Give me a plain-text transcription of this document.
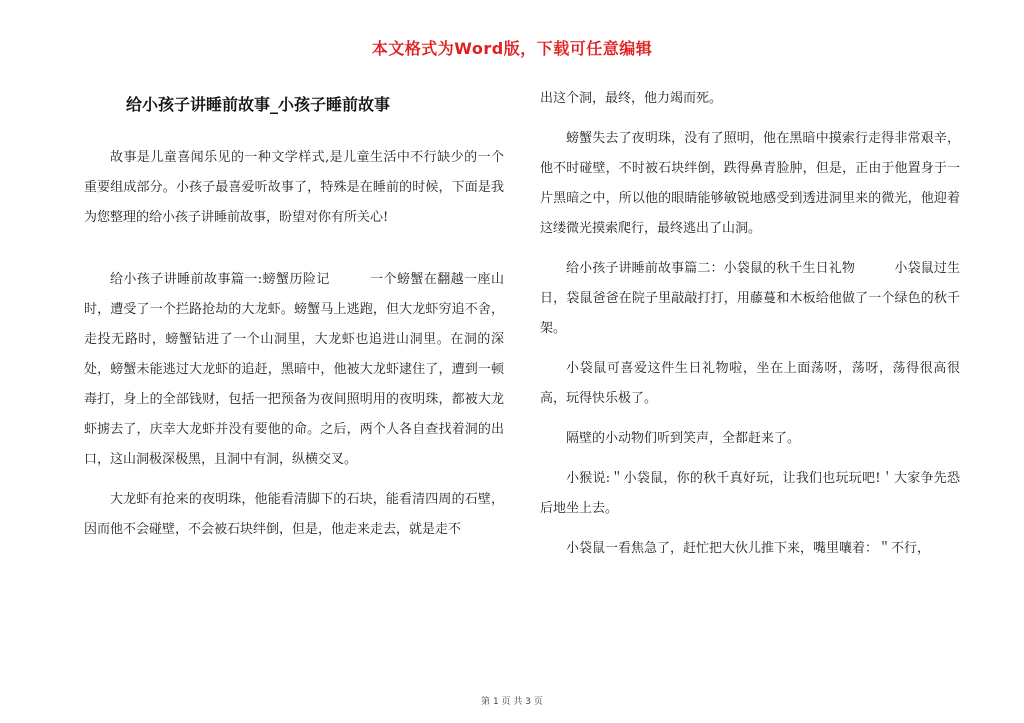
本文格式为Word版，下载可任意编辑
给小孩子讲睡前故事_小孩子睡前故事

故事是儿童喜闻乐见的一种文学样式,是儿童生活中不行缺少的一个重要组成部分。小孩子最喜爱听故事了，特殊是在睡前的时候，下面是我为您整理的给小孩子讲睡前故事，盼望对你有所关心!

给小孩子讲睡前故事篇一:螃蟹历险记　　　一个螃蟹在翻越一座山时，遭受了一个拦路抢劫的大龙虾。螃蟹马上逃跑，但大龙虾穷追不舍，走投无路时，螃蟹钻进了一个山洞里，大龙虾也追进山洞里。在洞的深处，螃蟹未能逃过大龙虾的追赶，黑暗中，他被大龙虾逮住了，遭到一顿毒打，身上的全部钱财，包括一把预备为夜间照明用的夜明珠，都被大龙虾掳去了，庆幸大龙虾并没有要他的命。之后，两个人各自查找着洞的出口，这山洞极深极黑，且洞中有洞，纵横交叉。

大龙虾有抢来的夜明珠，他能看清脚下的石块，能看清四周的石壁，因而他不会碰壁，不会被石块绊倒，但是，他走来走去，就是走不

出这个洞，最终，他力竭而死。

螃蟹失去了夜明珠，没有了照明，他在黑暗中摸索行走得非常艰辛，他不时碰壁，不时被石块绊倒，跌得鼻青脸肿，但是，正由于他置身于一片黑暗之中，所以他的眼睛能够敏锐地感受到透进洞里来的微光，他迎着这缕微光摸索爬行，最终逃出了山洞。

给小孩子讲睡前故事篇二：小袋鼠的秋千生日礼物　　　小袋鼠过生日，袋鼠爸爸在院子里敲敲打打，用藤蔓和木板给他做了一个绿色的秋千架。

小袋鼠可喜爱这件生日礼物啦，坐在上面荡呀，荡呀，荡得很高很高，玩得快乐极了。

隔壁的小动物们听到笑声，全都赶来了。

小猴说:＂小袋鼠，你的秋千真好玩，让我们也玩玩吧!＇大家争先恐后地坐上去。

小袋鼠一看焦急了，赶忙把大伙儿推下来，嘴里嚷着：＂不行，

第 1 页 共 3 页
